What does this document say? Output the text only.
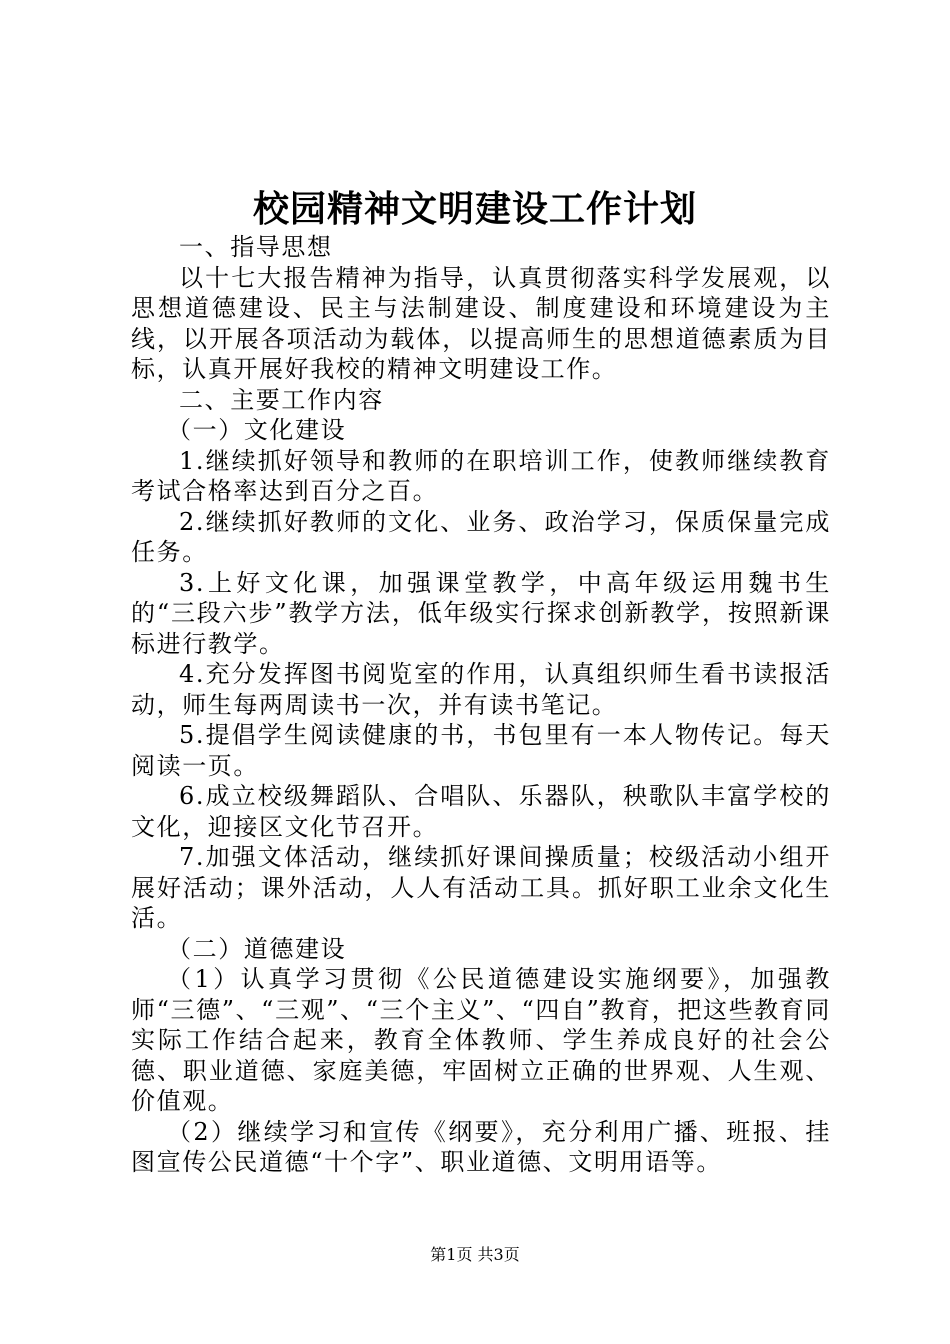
校园精神文明建设工作计划

一、指导思想

以十七大报告精神为指导，认真贯彻落实科学发展观，以思想道德建设、民主与法制建设、制度建设和环境建设为主线，以开展各项活动为载体，以提高师生的思想道德素质为目标，认真开展好我校的精神文明建设工作。

二、主要工作内容

（一）文化建设

1.继续抓好领导和教师的在职培训工作，使教师继续教育考试合格率达到百分之百。

2.继续抓好教师的文化、业务、政治学习，保质保量完成任务。

3.上好文化课，加强课堂教学，中高年级运用魏书生的“三段六步”教学方法，低年级实行探求创新教学，按照新课标进行教学。

4.充分发挥图书阅览室的作用，认真组织师生看书读报活动，师生每两周读书一次，并有读书笔记。

5.提倡学生阅读健康的书，书包里有一本人物传记。每天阅读一页。

6.成立校级舞蹈队、合唱队、乐器队，秧歌队丰富学校的文化，迎接区文化节召开。

7.加强文体活动，继续抓好课间操质量；校级活动小组开展好活动；课外活动，人人有活动工具。抓好职工业余文化生活。

（二）道德建设

（1）认真学习贯彻《公民道德建设实施纲要》，加强教师“三德”、“三观”、“三个主义”、“四自”教育，把这些教育同实际工作结合起来，教育全体教师、学生养成良好的社会公德、职业道德、家庭美德，牢固树立正确的世界观、人生观、价值观。

（2）继续学习和宣传《纲要》，充分利用广播、班报、挂图宣传公民道德“十个字”、职业道德、文明用语等。

第1页 共3页
